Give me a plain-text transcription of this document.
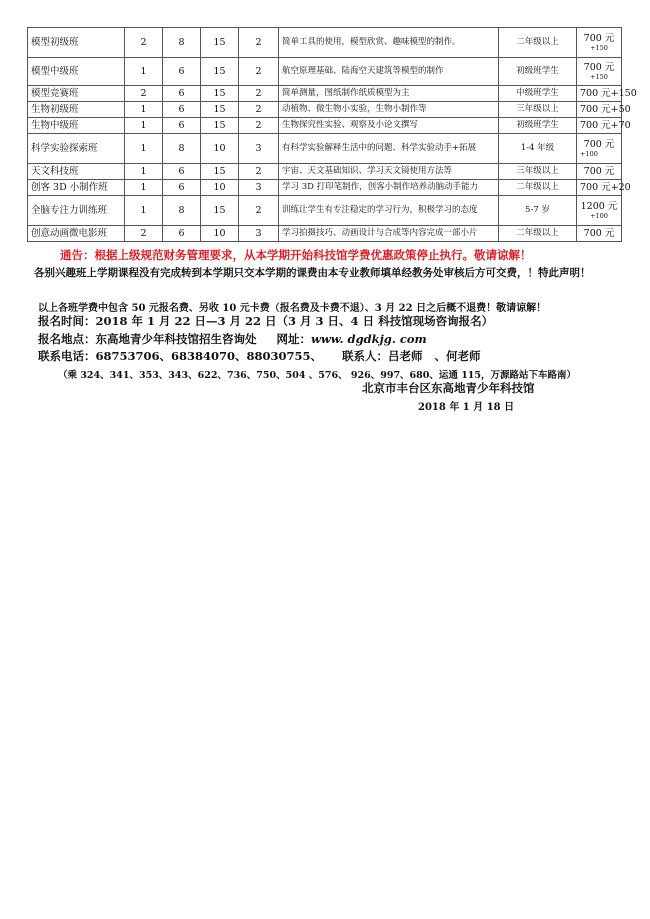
模型初级班	2	8	15	2	简单工具的使用，模型欣赏、趣味模型的制作。	二年级以上	700 元
+150

模型中级班	1	6	15	2	航空原理基础、陆海空天建筑等模型的制作	初级班学生	700 元
+150

模型竞赛班	2	6	15	2	简单测量，图纸制作纸质模型为主	中级班学生	700 元+150
生物初级班	1	6	15	2	动植物、微生物小实验，生物小制作等	三年级以上	700 元+50
生物中级班	1	6	15	2	生物探究性实验、观察及小论文撰写	初级班学生	700 元+70
科学实验探索班	1	8	10	3	有科学实验解释生活中的问题、科学实验动手+拓展	1-4 年级	700 元
+100

天文科技班	1	6	15	2	宇宙、天文基础知识、学习天文镜使用方法等	三年级以上	700 元
创客 3D 小制作班	1	6	10	3	学习 3D 打印笔制作，创客小制作培养动脑动手能力	二年级以上	700 元+20
全脑专注力训练班	1	8	15	2	训练让学生有专注稳定的学习行为，积极学习的态度	5-7 岁	1200 元
+100

创意动画微电影班	2	6	10	3	学习拍摄技巧、动画设计与合成等内容完成一部小片	二年级以上	700 元
通告：根据上级规范财务管理要求，从本学期开始科技馆学费优惠政策停止执行。敬请谅解！
各别兴趣班上学期课程没有完成转到本学期只交本学期的课费由本专业教师填单经教务处审核后方可交费，！特此声明！
以上各班学费中包含 50 元报名费、另收 10 元卡费（报名费及卡费不退）、3 月 22 日之后概不退费！敬请谅解！
报名时间：2018 年 1 月 22 日—3 月 22 日（3 月 3 日、4 日 科技馆现场咨询报名）
报名地点：东高地青少年科技馆招生咨询处 网址：www. dgdkjg. com
联系电话：68753706、68384070、88030755、 联系人：吕老师 、何老师
（乘 324、341、353、343、622、736、750、504 、576、 926、997、680、运通 115，万源路站下车路南）
北京市丰台区东高地青少年科技馆
2018 年 1 月 18 日
